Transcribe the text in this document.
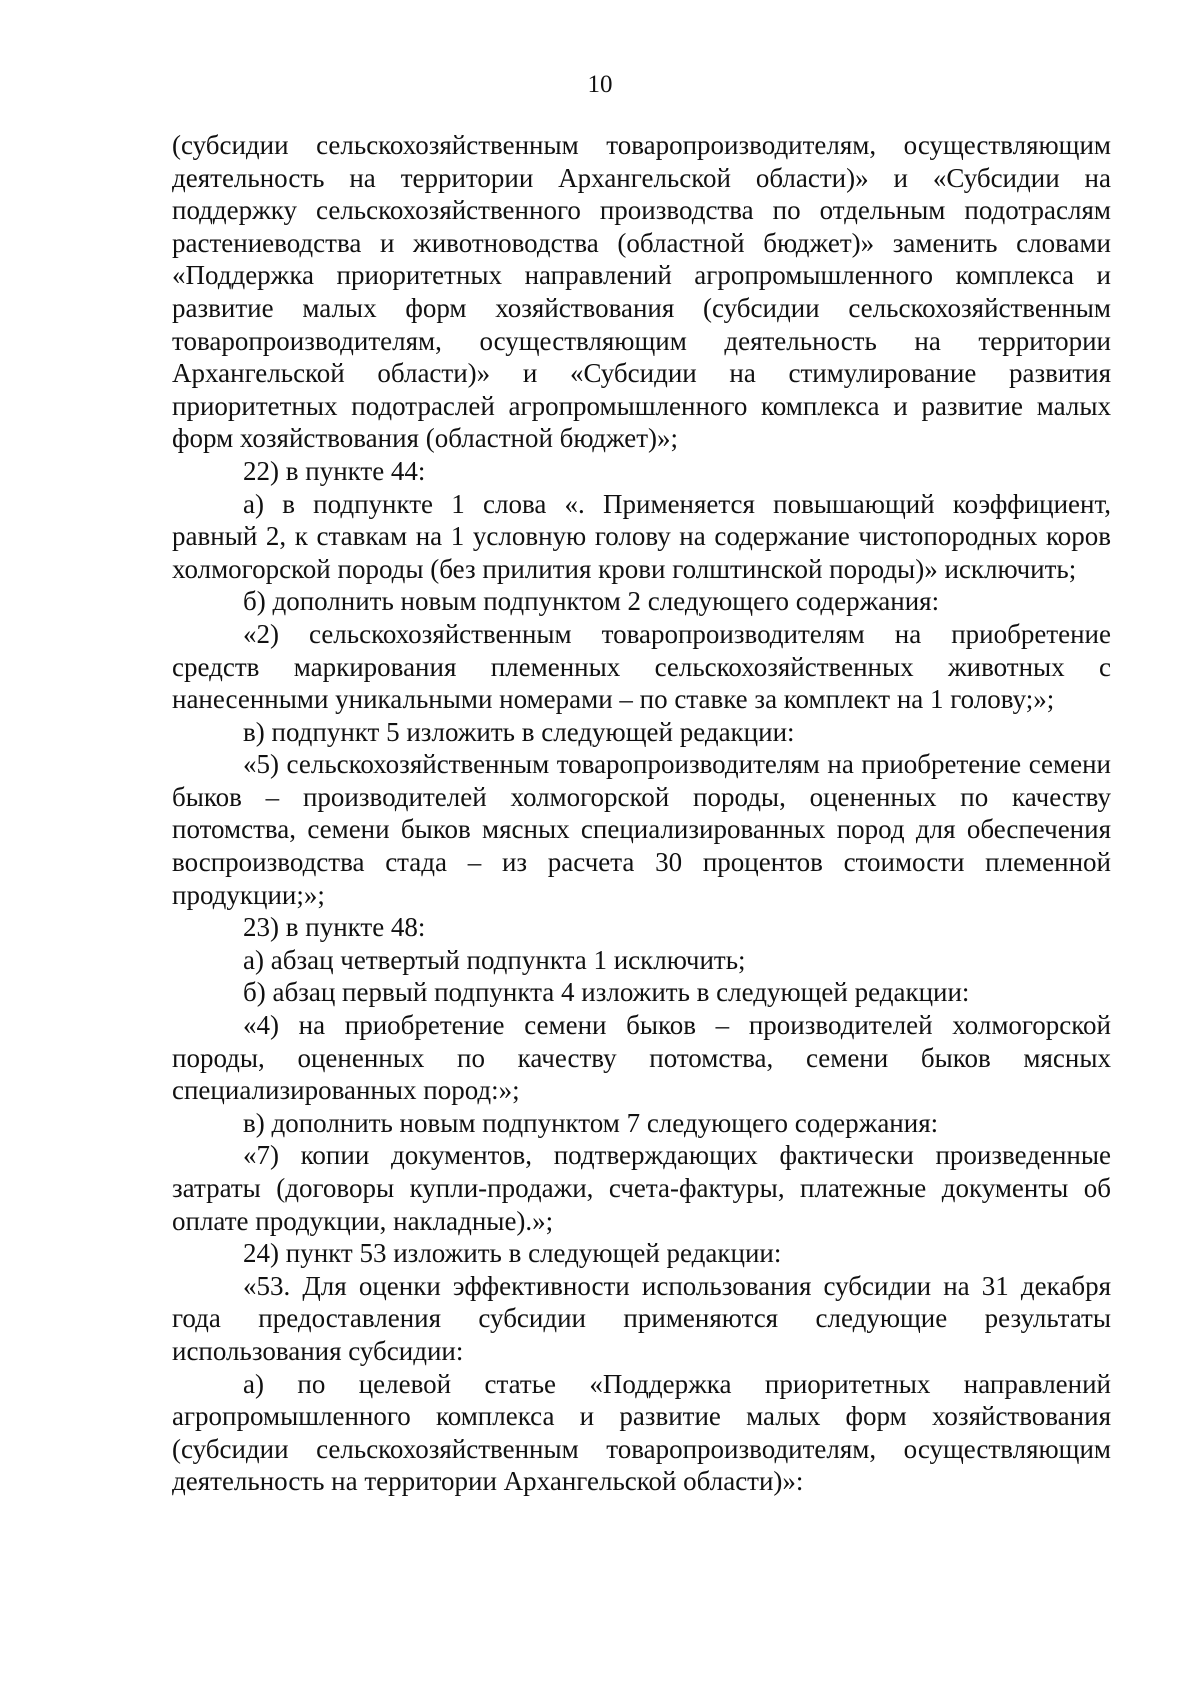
10

(субсидии сельскохозяйственным товаропроизводителям, осуществляющим деятельность на территории Архангельской области)» и «Субсидии на поддержку сельскохозяйственного производства по отдельным подотраслям растениеводства и животноводства (областной бюджет)» заменить словами «Поддержка приоритетных направлений агропромышленного комплекса и развитие малых форм хозяйствования (субсидии сельскохозяйственным товаропроизводителям, осуществляющим деятельность на территории Архангельской области)» и «Субсидии на стимулирование развития приоритетных подотраслей агропромышленного комплекса и развитие малых форм хозяйствования (областной бюджет)»;

22) в пункте 44:

а) в подпункте 1 слова «. Применяется повышающий коэффициент, равный 2, к ставкам на 1 условную голову на содержание чистопородных коров холмогорской породы (без прилития крови голштинской породы)» исключить;

б) дополнить новым подпунктом 2 следующего содержания:

«2) сельскохозяйственным товаропроизводителям на приобретение средств маркирования племенных сельскохозяйственных животных с нанесенными уникальными номерами – по ставке за комплект на 1 голову;»;

в) подпункт 5 изложить в следующей редакции:

«5) сельскохозяйственным товаропроизводителям на приобретение семени быков – производителей холмогорской породы, оцененных по качеству потомства, семени быков мясных специализированных пород для обеспечения воспроизводства стада – из расчета 30 процентов стоимости племенной продукции;»;

23) в пункте 48:

а) абзац четвертый подпункта 1 исключить;

б) абзац первый подпункта 4 изложить в следующей редакции:

«4) на приобретение семени быков – производителей холмогорской породы, оцененных по качеству потомства, семени быков мясных специализированных пород:»;

в) дополнить новым подпунктом 7 следующего содержания:

«7) копии документов, подтверждающих фактически произведенные затраты (договоры купли-продажи, счета-фактуры, платежные документы об оплате продукции, накладные).»;

24) пункт 53 изложить в следующей редакции:

«53. Для оценки эффективности использования субсидии на 31 декабря года предоставления субсидии применяются следующие результаты использования субсидии:

а) по целевой статье «Поддержка приоритетных направлений агропромышленного комплекса и развитие малых форм хозяйствования (субсидии сельскохозяйственным товаропроизводителям, осуществляющим деятельность на территории Архангельской области)»:
